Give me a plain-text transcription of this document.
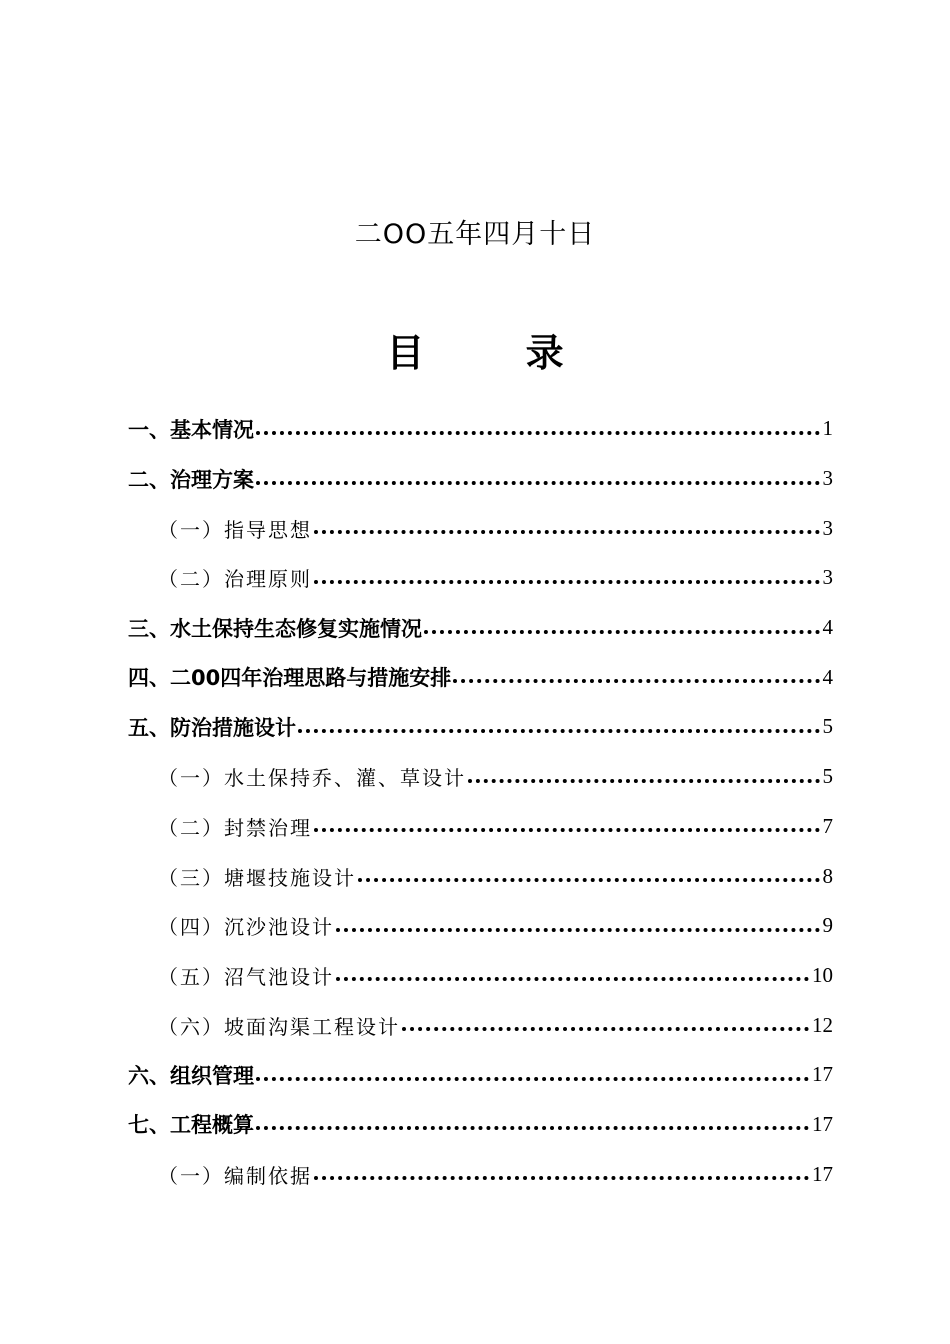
二OO五年四月十日
目 录
一、基本情况	1
二、治理方案	3
（一）指导思想	3
（二）治理原则	3
三、水土保持生态修复实施情况	4
四、二00四年治理思路与措施安排	4
五、防治措施设计	5
（一）水土保持乔、灌、草设计	5
（二）封禁治理	7
（三）塘堰技施设计	8
（四）沉沙池设计	9
（五）沼气池设计	10
（六）坡面沟渠工程设计	12
六、组织管理	17
七、工程概算	17
（一）编制依据	17
